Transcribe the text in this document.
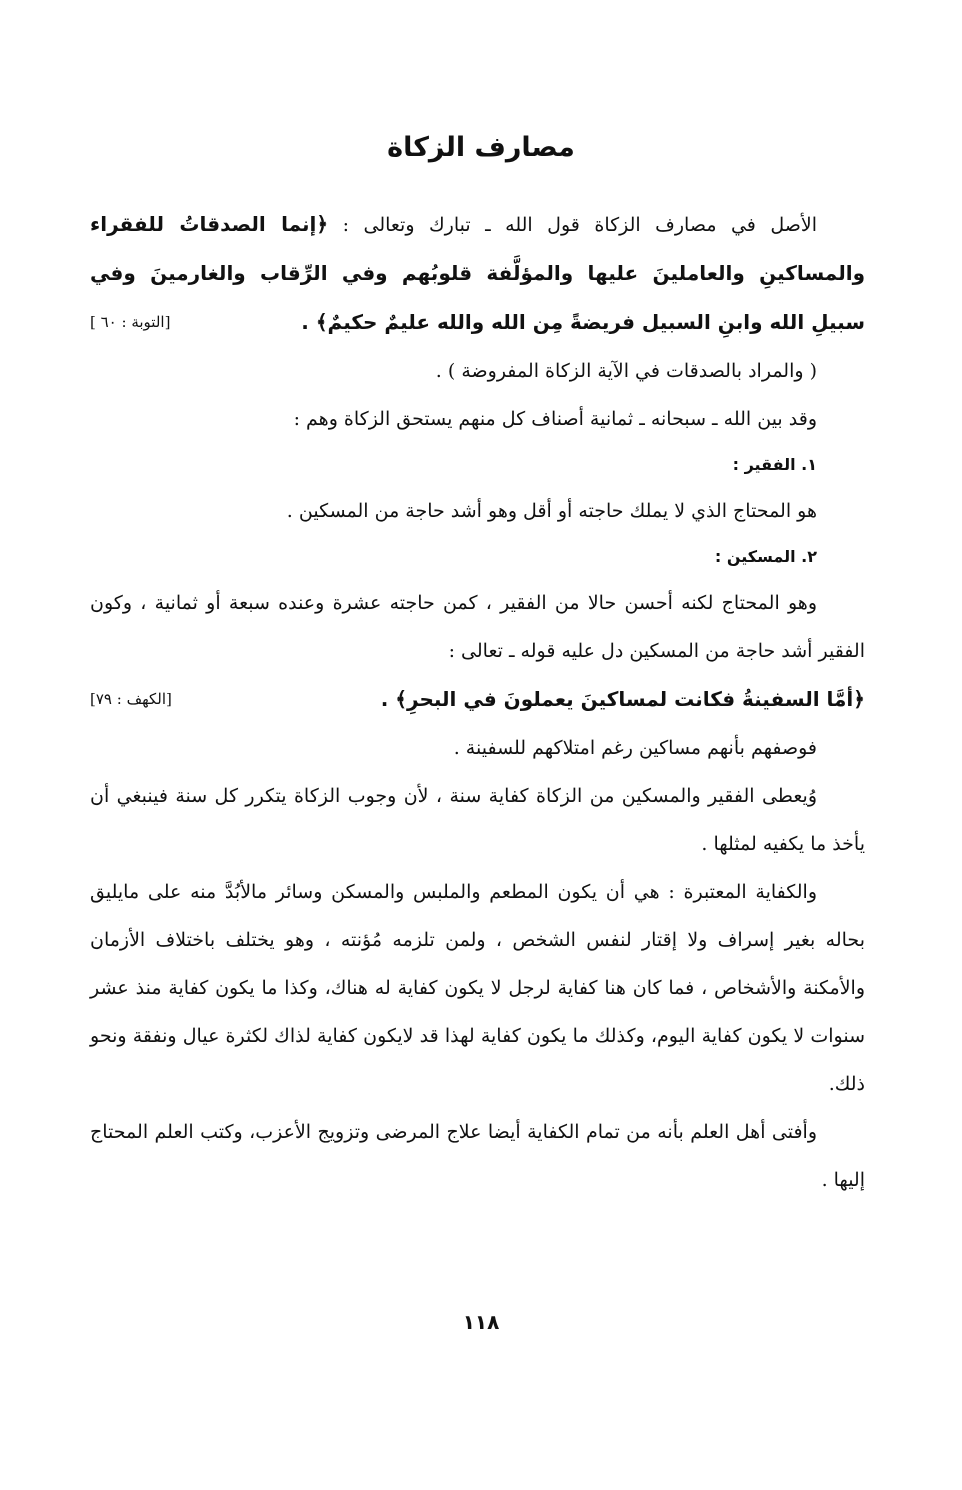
مصارف الزكاة

الأصل في مصارف الزكاة قول الله ـ تبارك وتعالى : ﴿إنما الصدقاتُ للفقراء والمساكينِ والعاملينَ عليها والمؤلَّفة قلوبُهم وفي الرِّقاب والغارمينَ وفي سبيلِ الله وابنِ السبيل فريضةً مِن الله والله عليمٌ حكيمٌ﴾ .
[التوبة : ٦٠ ]

( والمراد بالصدقات في الآية الزكاة المفروضة ) .

وقد بين الله ـ سبحانه ـ ثمانية أصناف كل منهم يستحق الزكاة وهم :

١. الفقير :

هو المحتاج الذي لا يملك حاجته أو أقل وهو أشد حاجة من المسكين .

٢. المسكين :

وهو المحتاج لكنه أحسن حالا من الفقير ، كمن حاجته عشرة وعنده سبعة أو ثمانية ، وكون الفقير أشد حاجة من المسكين دل عليه قوله ـ تعالى :

﴿أمَّا السفينةُ فكانت لمساكينَ يعملونَ في البحرِ﴾ .
[الكهف : ٧٩]

فوصفهم بأنهم مساكين رغم امتلاكهم للسفينة .

وُيعطى الفقير والمسكين من الزكاة كفاية سنة ، لأن وجوب الزكاة يتكرر كل سنة فينبغي أن يأخذ ما يكفيه لمثلها .

والكفاية المعتبرة : هي أن يكون المطعم والملبس والمسكن وسائر مالأبُدَّ منه على مايليق بحاله بغير إسراف ولا إقتار لنفس الشخص ، ولمن تلزمه مُؤنته ، وهو يختلف باختلاف الأزمان والأمكنة والأشخاص ، فما كان هنا كفاية لرجل لا يكون كفاية له هناك، وكذا ما يكون كفاية منذ عشر سنوات لا يكون كفاية اليوم، وكذلك ما يكون كفاية لهذا قد لايكون كفاية لذاك لكثرة عيال ونفقة ونحو ذلك.

وأفتى أهل العلم بأنه من تمام الكفاية أيضا علاج المرضى وتزويج الأعزب، وكتب العلم المحتاج إليها .

١١٨
